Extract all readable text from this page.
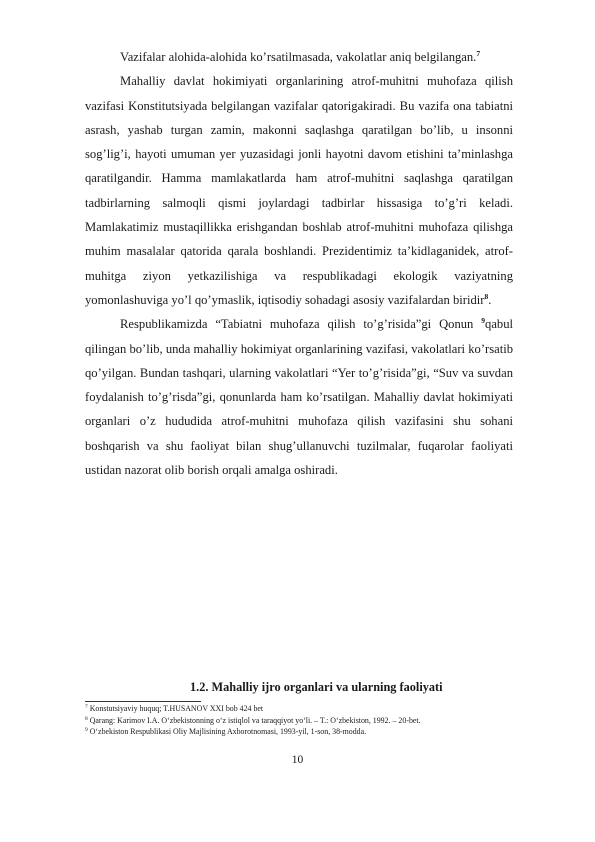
Vazifalar alohida-alohida ko’rsatilmasada, vakolatlar aniq belgilangan.$^7$

Mahalliy davlat hokimiyati organlarining atrof-muhitni muhofaza qilish vazifasi Konstitutsiyada belgilangan vazifalar qatorigakiradi. Bu vazifa ona tabiatni asrash, yashab turgan zamin, makonni saqlashga qaratilgan bo’lib, u insonni sog’lig’i, hayoti umuman yer yuzasidagi jonli hayotni davom etishini ta’minlashga qaratilgandir. Hamma mamlakatlarda ham atrof-muhitni saqlashga qaratilgan tadbirlarning salmoqli qismi joylardagi tadbirlar hissasiga to’g’ri keladi. Mamlakatimiz mustaqillikka erishgandan boshlab atrof-muhitni muhofaza qilishga muhim masalalar qatorida qarala boshlandi. Prezidentimiz ta’kidlaganidek, atrof-muhitga ziyon yetkazilishiga va respublikadagi ekologik vaziyatning yomonlashuviga yo’l qo’ymaslik, iqtisodiy sohadagi asosiy vazifalardan biridir$^8$.

Respublikamizda “Tabiatni muhofaza qilish to’g’risida”gi Qonun $^9$qabul qilingan bo’lib, unda mahalliy hokimiyat organlarining vazifasi, vakolatlari ko’rsatib qo’yilgan. Bundan tashqari, ularning vakolatlari “Yer to’g’risida”gi, “Suv va suvdan foydalanish to’g’risda”gi, qonunlarda ham ko’rsatilgan. Mahalliy davlat hokimiyati organlari o’z hududida atrof-muhitni muhofaza qilish vazifasini shu sohani boshqarish va shu faoliyat bilan shug’ullanuvchi tuzilmalar, fuqarolar faoliyati ustidan nazorat olib borish orqali amalga oshiradi.

1.2. Mahalliy ijro organlari va ularning faoliyati

$^7$ Konstutsiyaviy huquq; T.HUSANOV XXI bob 424 bet

$^8$ Qarang: Karimov I.A. O‘zbekistonning o‘z istiqlol va taraqqiyot yo‘li. – T.: O‘zbekiston, 1992. – 20-bet.

$^9$ O‘zbekiston Respublikasi Oliy Majlisining Axborotnomasi, 1993-yil, 1-son, 38-modda.

10
